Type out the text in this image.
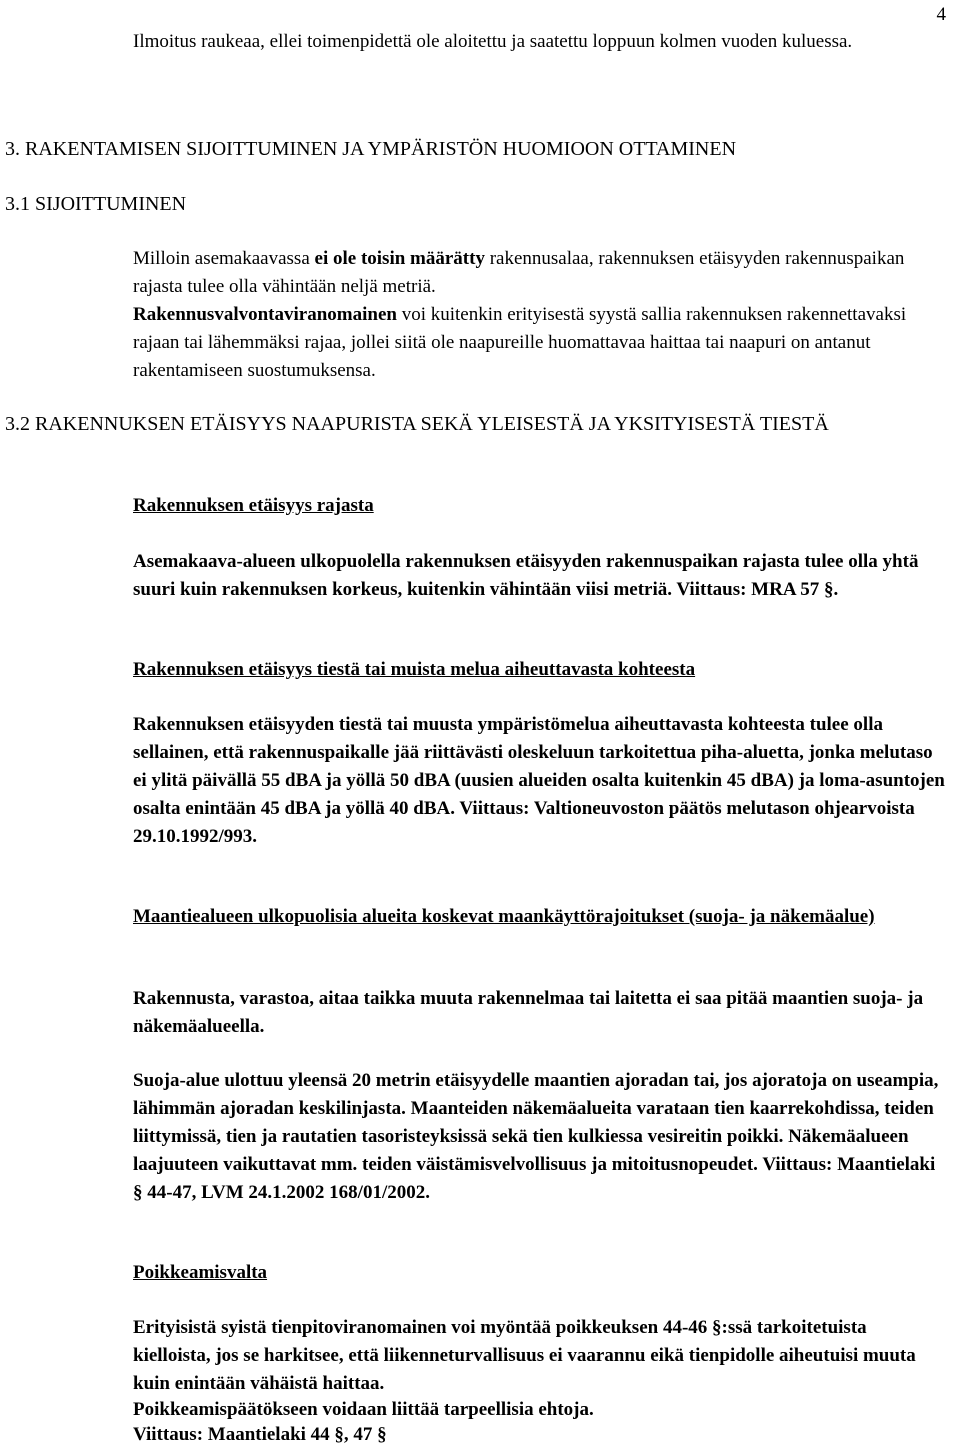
4

Ilmoitus raukeaa, ellei toimenpidettä ole aloitettu ja saatettu loppuun kolmen vuoden kuluessa.

3. RAKENTAMISEN SIJOITTUMINEN JA YMPÄRISTÖN HUOMIOON OTTAMINEN

3.1 SIJOITTUMINEN

Milloin asemakaavassa ei ole toisin määrätty rakennusalaa, rakennuksen etäisyyden rakennuspaikan rajasta tulee olla vähintään neljä metriä.

Rakennusvalvontaviranomainen voi kuitenkin erityisestä syystä sallia rakennuksen rakennettavaksi rajaan tai lähemmäksi rajaa, jollei siitä ole naapureille huomattavaa haittaa tai naapuri on antanut rakentamiseen suostumuksensa.

3.2 RAKENNUKSEN ETÄISYYS NAAPURISTA SEKÄ YLEISESTÄ JA YKSITYISESTÄ TIESTÄ

Rakennuksen etäisyys rajasta

Asemakaava-alueen ulkopuolella rakennuksen etäisyyden rakennuspaikan rajasta tulee olla yhtä suuri kuin rakennuksen korkeus, kuitenkin vähintään viisi metriä. Viittaus: MRA 57 §.

Rakennuksen etäisyys tiestä tai muista melua aiheuttavasta kohteesta

Rakennuksen etäisyyden tiestä tai muusta ympäristömelua aiheuttavasta kohteesta tulee olla sellainen, että rakennuspaikalle jää riittävästi oleskeluun tarkoitettua piha-aluetta, jonka melutaso ei ylitä päivällä 55 dBA ja yöllä 50 dBA (uusien alueiden osalta kuitenkin 45 dBA) ja loma-asuntojen osalta enintään 45 dBA ja yöllä 40 dBA. Viittaus: Valtioneuvoston päätös melutason ohjearvoista 29.10.1992/993.

Maantiealueen ulkopuolisia alueita koskevat maankäyttörajoitukset (suoja- ja näkemäalue)

Rakennusta, varastoa, aitaa taikka muuta rakennelmaa tai laitetta ei saa pitää maantien suoja- ja näkemäalueella.

Suoja-alue ulottuu yleensä 20 metrin etäisyydelle maantien ajoradan tai, jos ajoratoja on useampia, lähimmän ajoradan keskilinjasta. Maanteiden näkemäalueita varataan tien kaarrekohdissa, teiden liittymissä, tien ja rautatien tasoristeyksissä sekä tien kulkiessa vesireitin poikki. Näkemäalueen laajuuteen vaikuttavat mm. teiden väistämisvelvollisuus ja mitoitusnopeudet. Viittaus: Maantielaki § 44-47, LVM 24.1.2002 168/01/2002.

Poikkeamisvalta

Erityisistä syistä tienpitoviranomainen voi myöntää poikkeuksen 44-46 §:ssä tarkoitetuista kielloista, jos se harkitsee, että liikenneturvallisuus ei vaarannu eikä tienpidolle aiheutuisi muuta kuin enintään vähäistä haittaa.

Poikkeamispäätökseen voidaan liittää tarpeellisia ehtoja.

Viittaus: Maantielaki 44 §, 47 §
